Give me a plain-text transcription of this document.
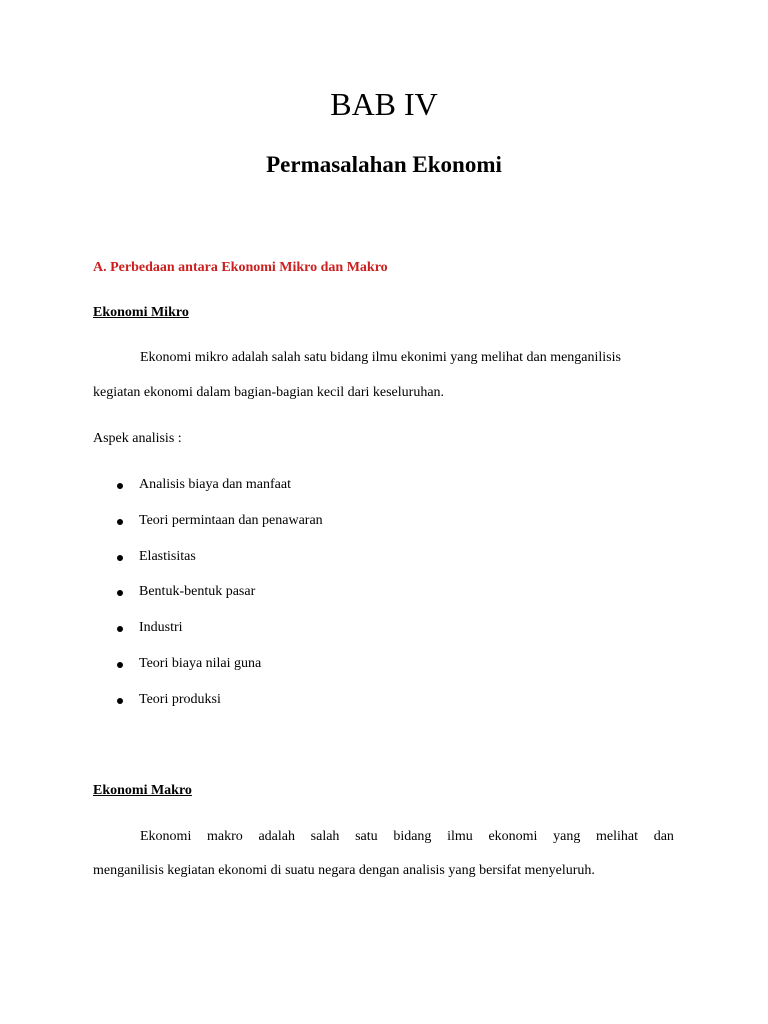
BAB IV
Permasalahan Ekonomi
A. Perbedaan antara Ekonomi Mikro dan Makro
Ekonomi Mikro
Ekonomi mikro adalah salah satu bidang ilmu ekonimi yang melihat dan menganilisis
kegiatan ekonomi dalam bagian-bagian kecil dari keseluruhan.
Aspek analisis :
Analisis biaya dan manfaat
Teori permintaan dan penawaran
Elastisitas
Bentuk-bentuk pasar
Industri
Teori biaya nilai guna
Teori produksi
Ekonomi Makro
Ekonomi makro adalah salah satu bidang ilmu ekonomi yang melihat dan
menganilisis kegiatan ekonomi di suatu negara dengan analisis yang bersifat menyeluruh.
